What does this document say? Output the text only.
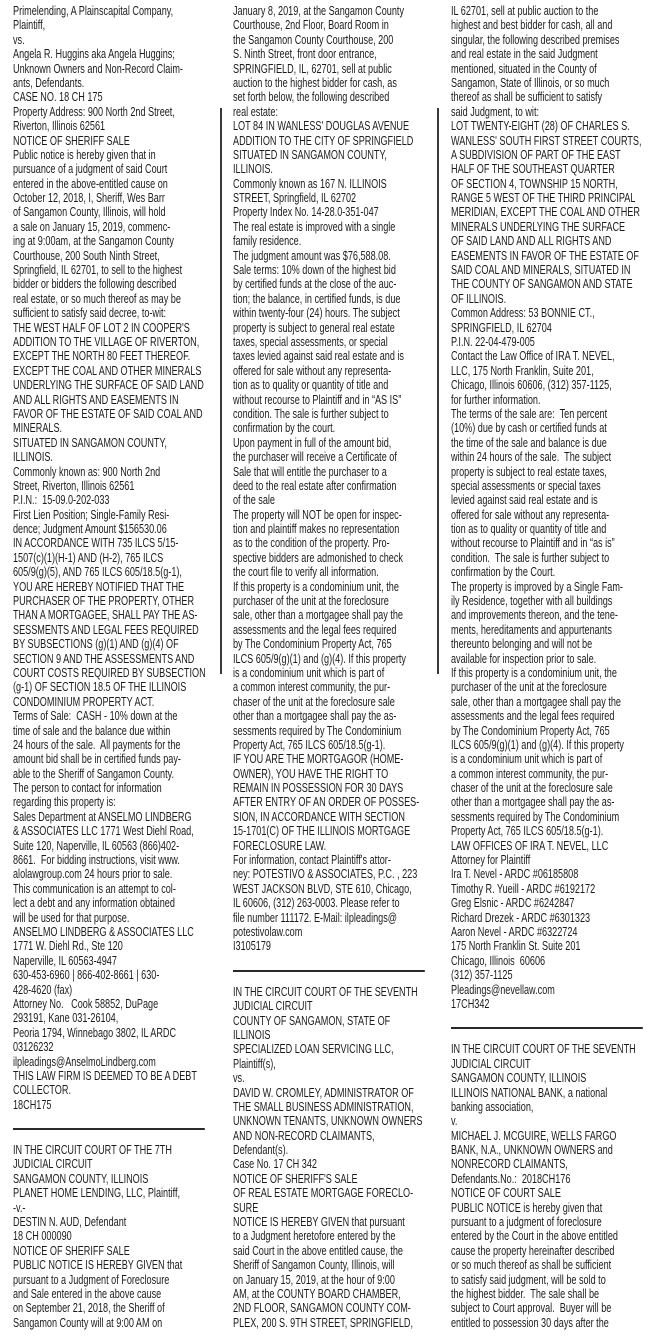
Primelending, A Plainscapital Company,
Plaintiff,
vs.
Angela R. Huggins aka Angela Huggins;
Unknown Owners and Non-Record Claim-
ants, Defendants.
CASE NO. 18 CH 175
Property Address: 900 North 2nd Street,
Riverton, Illinois 62561
NOTICE OF SHERIFF SALE
Public notice is hereby given that in
pursuance of a judgment of said Court
entered in the above-entitled cause on
October 12, 2018, I, Sheriff, Wes Barr
of Sangamon County, Illinois, will hold
a sale on January 15, 2019, commenc-
ing at 9:00am, at the Sangamon County
Courthouse, 200 South Ninth Street,
Springfield, IL 62701, to sell to the highest
bidder or bidders the following described
real estate, or so much thereof as may be
sufficient to satisfy said decree, to-wit:
THE WEST HALF OF LOT 2 IN COOPER'S
ADDITION TO THE VILLAGE OF RIVERTON,
EXCEPT THE NORTH 80 FEET THEREOF.
EXCEPT THE COAL AND OTHER MINERALS
UNDERLYING THE SURFACE OF SAID LAND
AND ALL RIGHTS AND EASEMENTS IN
FAVOR OF THE ESTATE OF SAID COAL AND
MINERALS.
SITUATED IN SANGAMON COUNTY,
ILLINOIS.
Commonly known as: 900 North 2nd
Street, Riverton, Illinois 62561
P.I.N.:  15-09.0-202-033
First Lien Position; Single-Family Resi-
dence; Judgment Amount $156530.06
IN ACCORDANCE WITH 735 ILCS 5/15-
1507(c)(1)(H-1) AND (H-2), 765 ILCS
605/9(g)(5), AND 765 ILCS 605/18.5(g-1),
YOU ARE HEREBY NOTIFIED THAT THE
PURCHASER OF THE PROPERTY, OTHER
THAN A MORTGAGEE, SHALL PAY THE AS-
SESSMENTS AND LEGAL FEES REQUIRED
BY SUBSECTIONS (g)(1) AND (g)(4) OF
SECTION 9 AND THE ASSESSMENTS AND
COURT COSTS REQUIRED BY SUBSECTION
(g-1) OF SECTION 18.5 OF THE ILLINOIS
CONDOMINIUM PROPERTY ACT.
Terms of Sale:  CASH - 10% down at the
time of sale and the balance due within
24 hours of the sale.  All payments for the
amount bid shall be in certified funds pay-
able to the Sheriff of Sangamon County.
The person to contact for information
regarding this property is:
Sales Department at ANSELMO LINDBERG
& ASSOCIATES LLC 1771 West Diehl Road,
Suite 120, Naperville, IL 60563 (866)402-
8661.  For bidding instructions, visit www.
alolawgroup.com 24 hours prior to sale.
This communication is an attempt to col-
lect a debt and any information obtained
will be used for that purpose.
ANSELMO LINDBERG & ASSOCIATES LLC
1771 W. Diehl Rd., Ste 120
Naperville, IL 60563-4947
630-453-6960 | 866-402-8661 | 630-
428-4620 (fax)
Attorney No.   Cook 58852, DuPage
293191, Kane 031-26104,
Peoria 1794, Winnebago 3802, IL ARDC
03126232
ilpleadings@AnselmoLindberg.com
THIS LAW FIRM IS DEEMED TO BE A DEBT
COLLECTOR.
18CH175
IN THE CIRCUIT COURT OF THE 7TH
JUDICIAL CIRCUIT
SANGAMON COUNTY, ILLINOIS
PLANET HOME LENDING, LLC, Plaintiff,
-v.-
DESTIN N. AUD, Defendant
18 CH 000090
NOTICE OF SHERIFF SALE
PUBLIC NOTICE IS HEREBY GIVEN that
pursuant to a Judgment of Foreclosure
and Sale entered in the above cause
on September 21, 2018, the Sheriff of
Sangamon County will at 9:00 AM on
January 8, 2019, at the Sangamon County
Courthouse, 2nd Floor, Board Room in
the Sangamon County Courthouse, 200
S. Ninth Street, front door entrance,
SPRINGFIELD, IL, 62701, sell at public
auction to the highest bidder for cash, as
set forth below, the following described
real estate:
LOT 84 IN WANLESS' DOUGLAS AVENUE
ADDITION TO THE CITY OF SPRINGFIELD
SITUATED IN SANGAMON COUNTY,
ILLINOIS.
Commonly known as 167 N. ILLINOIS
STREET, Springfield, IL 62702
Property Index No. 14-28.0-351-047
The real estate is improved with a single
family residence.
The judgment amount was $76,588.08.
Sale terms: 10% down of the highest bid
by certified funds at the close of the auc-
tion; the balance, in certified funds, is due
within twenty-four (24) hours. The subject
property is subject to general real estate
taxes, special assessments, or special
taxes levied against said real estate and is
offered for sale without any representa-
tion as to quality or quantity of title and
without recourse to Plaintiff and in “AS IS”
condition. The sale is further subject to
confirmation by the court.
Upon payment in full of the amount bid,
the purchaser will receive a Certificate of
Sale that will entitle the purchaser to a
deed to the real estate after confirmation
of the sale
The property will NOT be open for inspec-
tion and plaintiff makes no representation
as to the condition of the property. Pro-
spective bidders are admonished to check
the court file to verify all information.
If this property is a condominium unit, the
purchaser of the unit at the foreclosure
sale, other than a mortgagee shall pay the
assessments and the legal fees required
by The Condominium Property Act, 765
ILCS 605/9(g)(1) and (g)(4). If this property
is a condominium unit which is part of
a common interest community, the pur-
chaser of the unit at the foreclosure sale
other than a mortgagee shall pay the as-
sessments required by The Condominium
Property Act, 765 ILCS 605/18.5(g-1).
IF YOU ARE THE MORTGAGOR (HOME-
OWNER), YOU HAVE THE RIGHT TO
REMAIN IN POSSESSION FOR 30 DAYS
AFTER ENTRY OF AN ORDER OF POSSES-
SION, IN ACCORDANCE WITH SECTION
15-1701(C) OF THE ILLINOIS MORTGAGE
FORECLOSURE LAW.
For information, contact Plaintiff's attor-
ney: POTESTIVO & ASSOCIATES, P.C. , 223
WEST JACKSON BLVD, STE 610, Chicago,
IL 60606, (312) 263-0003. Please refer to
file number 111172. E-Mail: ilpleadings@
potestivolaw.com
I3105179
IN THE CIRCUIT COURT OF THE SEVENTH
JUDICIAL CIRCUIT
COUNTY OF SANGAMON, STATE OF
ILLINOIS
SPECIALIZED LOAN SERVICING LLC,
Plaintiff(s),
vs.
DAVID W. CROMLEY, ADMINISTRATOR OF
THE SMALL BUSINESS ADMINISTRATION,
UNKNOWN TENANTS, UNKNOWN OWNERS
AND NON-RECORD CLAIMANTS,
Defendant(s).
Case No. 17 CH 342
NOTICE OF SHERIFF'S SALE
OF REAL ESTATE MORTGAGE FORECLO-
SURE
NOTICE IS HEREBY GIVEN that pursuant
to a Judgment heretofore entered by the
said Court in the above entitled cause, the
Sheriff of Sangamon County, Illinois, will
on January 15, 2019, at the hour of 9:00
AM, at the COUNTY BOARD CHAMBER,
2ND FLOOR, SANGAMON COUNTY COM-
PLEX, 200 S. 9TH STREET, SPRINGFIELD,
IL 62701, sell at public auction to the
highest and best bidder for cash, all and
singular, the following described premises
and real estate in the said Judgment
mentioned, situated in the County of
Sangamon, State of Illinois, or so much
thereof as shall be sufficient to satisfy
said Judgment, to wit:
LOT TWENTY-EIGHT (28) OF CHARLES S.
WANLESS' SOUTH FIRST STREET COURTS,
A SUBDIVISION OF PART OF THE EAST
HALF OF THE SOUTHEAST QUARTER
OF SECTION 4, TOWNSHIP 15 NORTH,
RANGE 5 WEST OF THE THIRD PRINCIPAL
MERIDIAN, EXCEPT THE COAL AND OTHER
MINERALS UNDERLYING THE SURFACE
OF SAID LAND AND ALL RIGHTS AND
EASEMENTS IN FAVOR OF THE ESTATE OF
SAID COAL AND MINERALS, SITUATED IN
THE COUNTY OF SANGAMON AND STATE
OF ILLINOIS.
Common Address: 53 BONNIE CT.,
SPRINGFIELD, IL 62704
P.I.N. 22-04-479-005
Contact the Law Office of IRA T. NEVEL,
LLC, 175 North Franklin, Suite 201,
Chicago, Illinois 60606, (312) 357-1125,
for further information.
The terms of the sale are:  Ten percent
(10%) due by cash or certified funds at
the time of the sale and balance is due
within 24 hours of the sale.  The subject
property is subject to real estate taxes,
special assessments or special taxes
levied against said real estate and is
offered for sale without any representa-
tion as to quality or quantity of title and
without recourse to Plaintiff and in “as is”
condition.  The sale is further subject to
confirmation by the Court.
The property is improved by a Single Fam-
ily Residence, together with all buildings
and improvements thereon, and the tene-
ments, hereditaments and appurtenants
thereunto belonging and will not be
available for inspection prior to sale.
If this property is a condominium unit, the
purchaser of the unit at the foreclosure
sale, other than a mortgagee shall pay the
assessments and the legal fees required
by The Condominium Property Act, 765
ILCS 605/9(g)(1) and (g)(4). If this property
is a condominium unit which is part of
a common interest community, the pur-
chaser of the unit at the foreclosure sale
other than a mortgagee shall pay the as-
sessments required by The Condominium
Property Act, 765 ILCS 605/18.5(g-1).
LAW OFFICES OF IRA T. NEVEL, LLC
Attorney for Plaintiff
Ira T. Nevel - ARDC #06185808
Timothy R. Yueill - ARDC #6192172
Greg Elsnic - ARDC #6242847
Richard Drezek - ARDC #6301323
Aaron Nevel - ARDC #6322724
175 North Franklin St. Suite 201
Chicago, Illinois  60606
(312) 357-1125
Pleadings@nevellaw.com
17CH342
IN THE CIRCUIT COURT OF THE SEVENTH
JUDICIAL CIRCUIT
SANGAMON COUNTY, ILLINOIS
ILLINOIS NATIONAL BANK, a national
banking association,
v.
MICHAEL J. MCGUIRE, WELLS FARGO
BANK, N.A., UNKNOWN OWNERS and
NONRECORD CLAIMANTS,
Defendants.No.:  2018CH176
NOTICE OF COURT SALE
PUBLIC NOTICE is hereby given that
pursuant to a judgment of foreclosure
entered by the Court in the above entitled
cause the property hereinafter described
or so much thereof as shall be sufficient
to satisfy said judgment, will be sold to
the highest bidder.  The sale shall be
subject to Court approval.  Buyer will be
entitled to possession 30 days after the
